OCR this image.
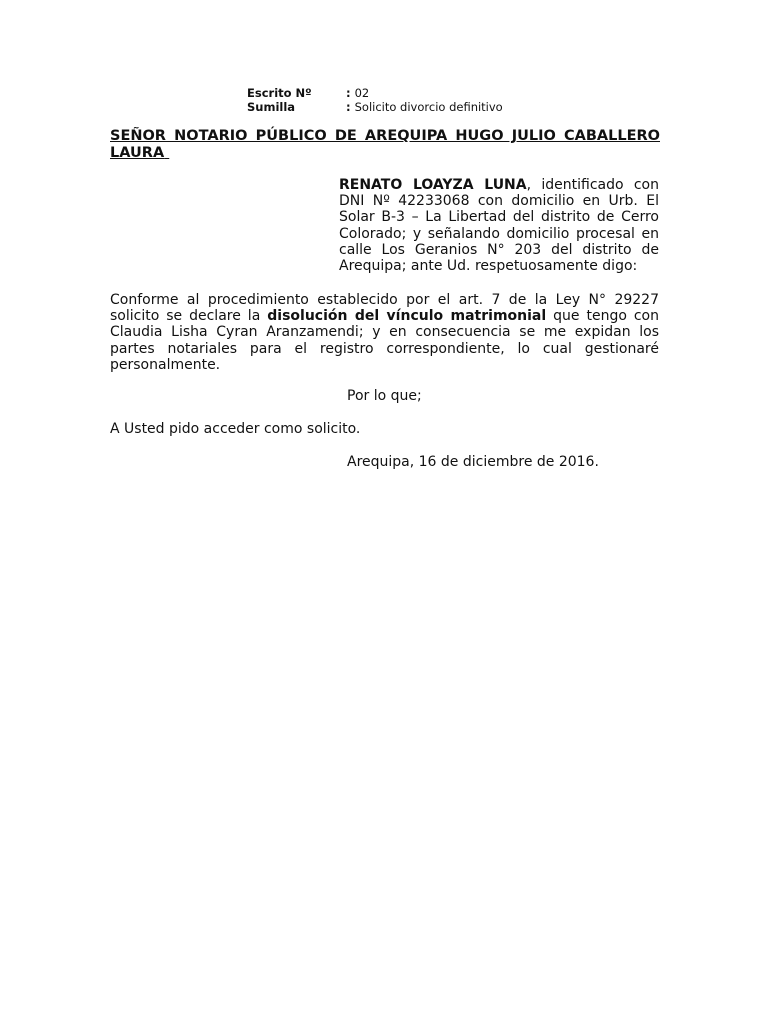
Escrito Nº	: 02
Sumilla	: Solicito divorcio definitivo
SEÑOR NOTARIO PÚBLICO DE AREQUIPA HUGO JULIO CABALLERO
LAURA
RENATO LOAYZA LUNA, identificado con DNI Nº 42233068 con domicilio en Urb. El Solar B-3 – La Libertad del distrito de Cerro Colorado; y señalando domicilio procesal en calle Los Geranios N° 203 del distrito de Arequipa; ante Ud. respetuosamente digo:
Conforme al procedimiento establecido por el art. 7 de la Ley N° 29227 solicito se declare la disolución del vínculo matrimonial que tengo con Claudia Lisha Cyran Aranzamendi; y en consecuencia se me expidan los partes notariales para el registro correspondiente, lo cual gestionaré personalmente.
Por lo que;
A Usted pido acceder como solicito.
Arequipa, 16 de diciembre de 2016.
